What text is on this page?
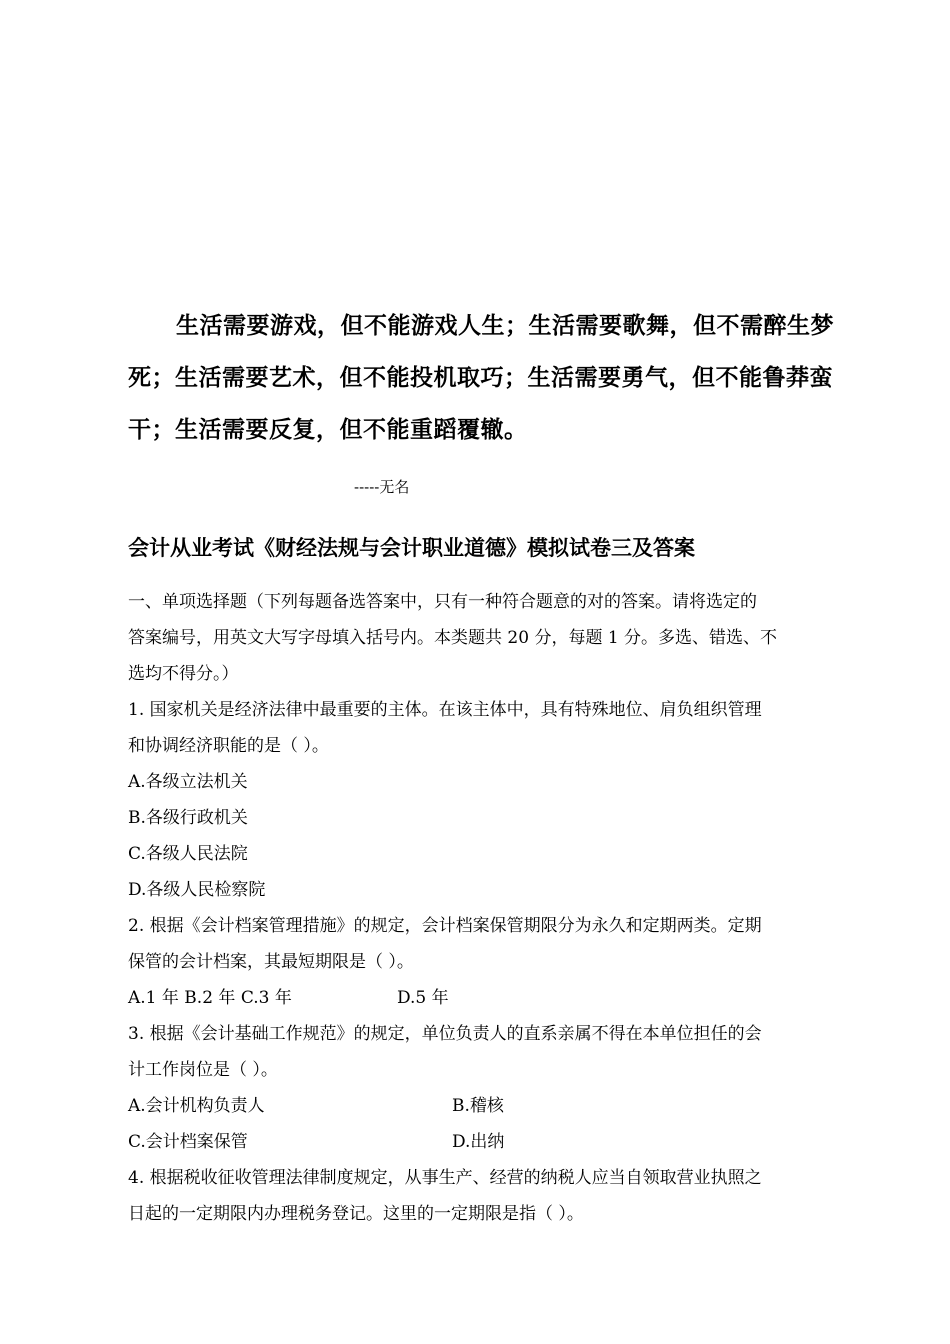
生活需要游戏，但不能游戏人生；生活需要歌舞，但不需醉生梦死；生活需要艺术，但不能投机取巧；生活需要勇气，但不能鲁莽蛮干；生活需要反复，但不能重蹈覆辙。

-----无名

会计从业考试《财经法规与会计职业道德》模拟试卷三及答案

一、单项选择题（下列每题备选答案中，只有一种符合题意的对的答案。请将选定的

答案编号，用英文大写字母填入括号内。本类题共 20 分，每题 1 分。多选、错选、不

选均不得分。）

1. 国家机关是经济法律中最重要的主体。在该主体中，具有特殊地位、肩负组织管理

和协调经济职能的是（ ）。

A.各级立法机关

B.各级行政机关

C.各级人民法院

D.各级人民检察院

2. 根据《会计档案管理措施》的规定，会计档案保管期限分为永久和定期两类。定期

保管的会计档案，其最短期限是（ ）。

A.1 年 B.2 年 C.3 年	D.5 年

3. 根据《会计基础工作规范》的规定，单位负责人的直系亲属不得在本单位担任的会

计工作岗位是（ ）。

A.会计机构负责人	B.稽核

C.会计档案保管	D.出纳

4. 根据税收征收管理法律制度规定，从事生产、经营的纳税人应当自领取营业执照之

日起的一定期限内办理税务登记。这里的一定期限是指（ ）。
